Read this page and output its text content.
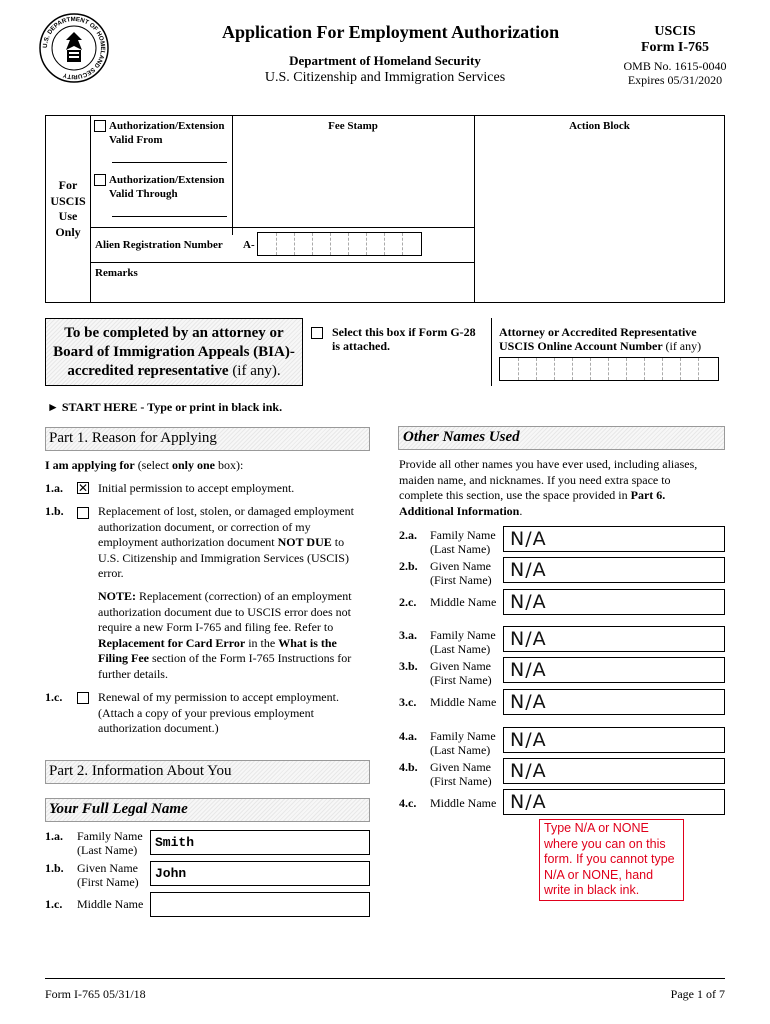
U.S. DEPARTMENT OF HOMELAND SECURITY
Application For Employment Authorization
Department of Homeland Security
U.S. Citizenship and Immigration Services
USCIS
Form I-765
OMB No. 1615-0040
Expires 05/31/2020
For
USCIS
Use
Only
Authorization/Extension
Valid From
Authorization/Extension
Valid Through
Alien Registration Number A-
Remarks
Fee Stamp	Action Block
To be completed by an attorney or
Board of Immigration Appeals (BIA)-
accredited representative (if any).
Select this box if Form G-28
is attached.
Attorney or Accredited Representative
USCIS Online Account Number (if any)
► START HERE - Type or print in black ink.
Part 1. Reason for Applying
I am applying for (select only one box):
1.a. ✕ Initial permission to accept employment.
1.b.	Replacement of lost, stolen, or damaged employment
authorization document, or correction of my
employment authorization document NOT DUE to
U.S. Citizenship and Immigration Services (USCIS)
error.
NOTE: Replacement (correction) of an employment
authorization document due to USCIS error does not
require a new Form I-765 and filing fee. Refer to
Replacement for Card Error in the What is the
Filing Fee section of the Form I-765 Instructions for
further details.
1.c.	Renewal of my permission to accept employment.
(Attach a copy of your previous employment
authorization document.)
Part 2. Information About You
Your Full Legal Name
1.a. Family Name
(Last Name)	Smith
1.b. Given Name
(First Name)
John
1.c. Middle Name
Other Names Used
Provide all other names you have ever used, including aliases,
maiden name, and nicknames. If you need extra space to
complete this section, use the space provided in Part 6.
Additional Information.
2.a. Family Name
(Last Name)	N/A
2.b. Given Name
(First Name) N/A
2.c. Middle Name N/A
3.a. Family Name
(Last Name)	N/A
3.b. Given Name
(First Name) N/A
3.c. Middle Name N/A
4.a. Family Name
(Last Name)	N/A
4.b. Given Name
(First Name) N/A
4.c. Middle Name N/A
Type N/A or NONE
where you can on this
form. If you cannot type
N/A or NONE, hand
write in black ink.
Form I-765 05/31/18	Page 1 of 7
